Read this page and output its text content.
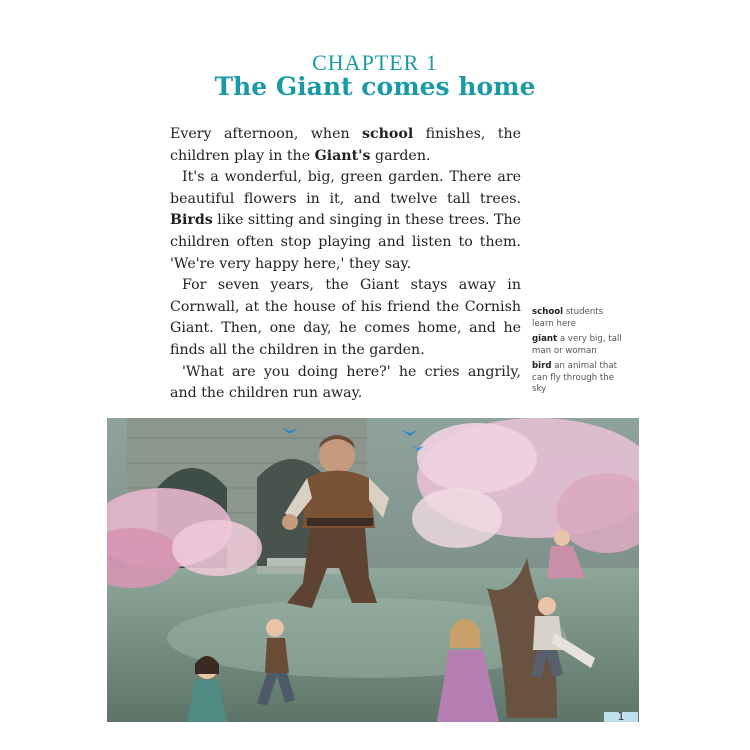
CHAPTER 1
The Giant comes home

Every afternoon, when school finishes, the children play in the Giant's garden.

It's a wonderful, big, green garden. There are beautiful flowers in it, and twelve tall trees. Birds like sitting and singing in these trees. The children often stop playing and listen to them. 'We're very happy here,' they say.

For seven years, the Giant stays away in Cornwall, at the house of his friend the Cornish Giant. Then, one day, he comes home, and he finds all the children in the garden.

'What are you doing here?' he cries angrily, and the children run away.

school students learn here
giant a very big, tall man or woman
bird an animal that can fly through the sky
1
